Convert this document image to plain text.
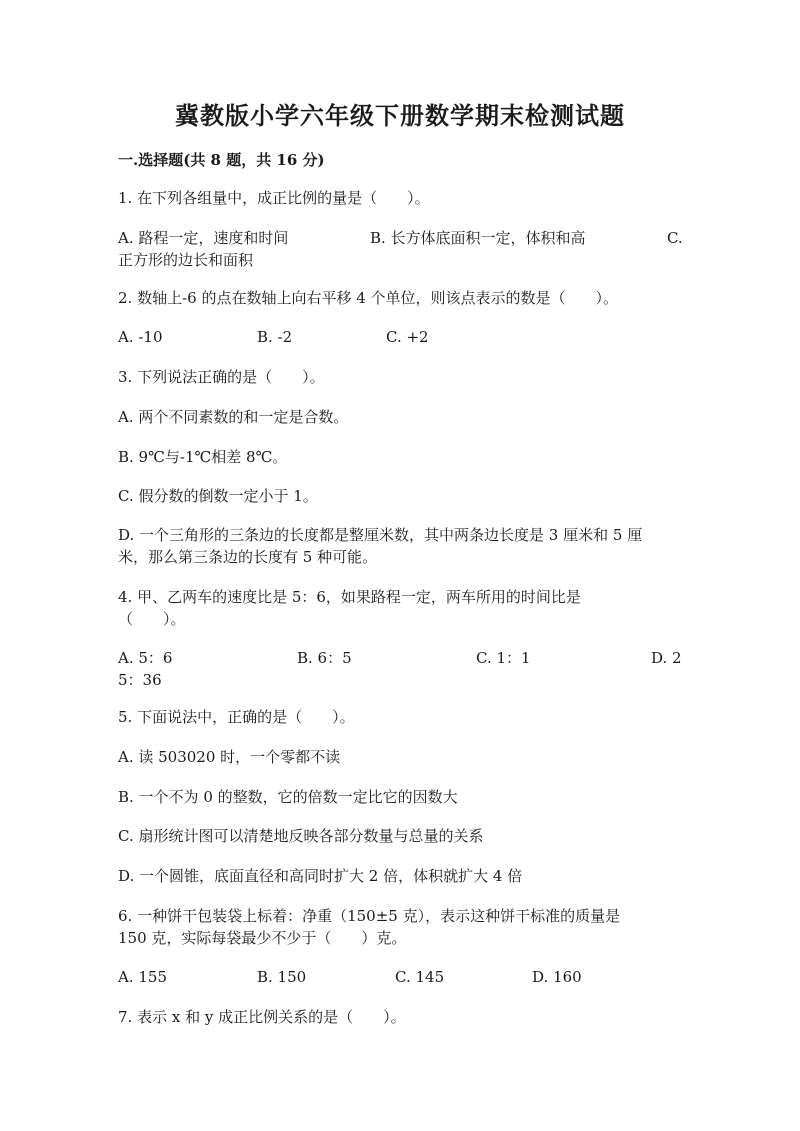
冀教版小学六年级下册数学期末检测试题
一.选择题(共 8 题，共 16 分)
1. 在下列各组量中，成正比例的量是（　　）。
A. 路程一定，速度和时间	B. 长方体底面积一定，体积和高	C.
正方形的边长和面积
2. 数轴上-6 的点在数轴上向右平移 4 个单位，则该点表示的数是（　　）。
A. -10	B. -2	C. +2
3. 下列说法正确的是（　　）。
A. 两个不同素数的和一定是合数。
B. 9℃与-1℃相差 8℃。
C. 假分数的倒数一定小于 1。
D. 一个三角形的三条边的长度都是整厘米数，其中两条边长度是 3 厘米和 5 厘
米，那么第三条边的长度有 5 种可能。
4. 甲、乙两车的速度比是 5：6，如果路程一定，两车所用的时间比是
（　　）。
A. 5：6	B. 6：5	C. 1：1	D. 2
5：36
5. 下面说法中，正确的是（　　）。
A. 读 503020 时，一个零都不读
B. 一个不为 0 的整数，它的倍数一定比它的因数大
C. 扇形统计图可以清楚地反映各部分数量与总量的关系
D. 一个圆锥，底面直径和高同时扩大 2 倍，体积就扩大 4 倍
6. 一种饼干包装袋上标着：净重（150±5 克），表示这种饼干标准的质量是
150 克，实际每袋最少不少于（　　）克。
A. 155	B. 150	C. 145	D. 160
7. 表示 x 和 y 成正比例关系的是（　　）。
